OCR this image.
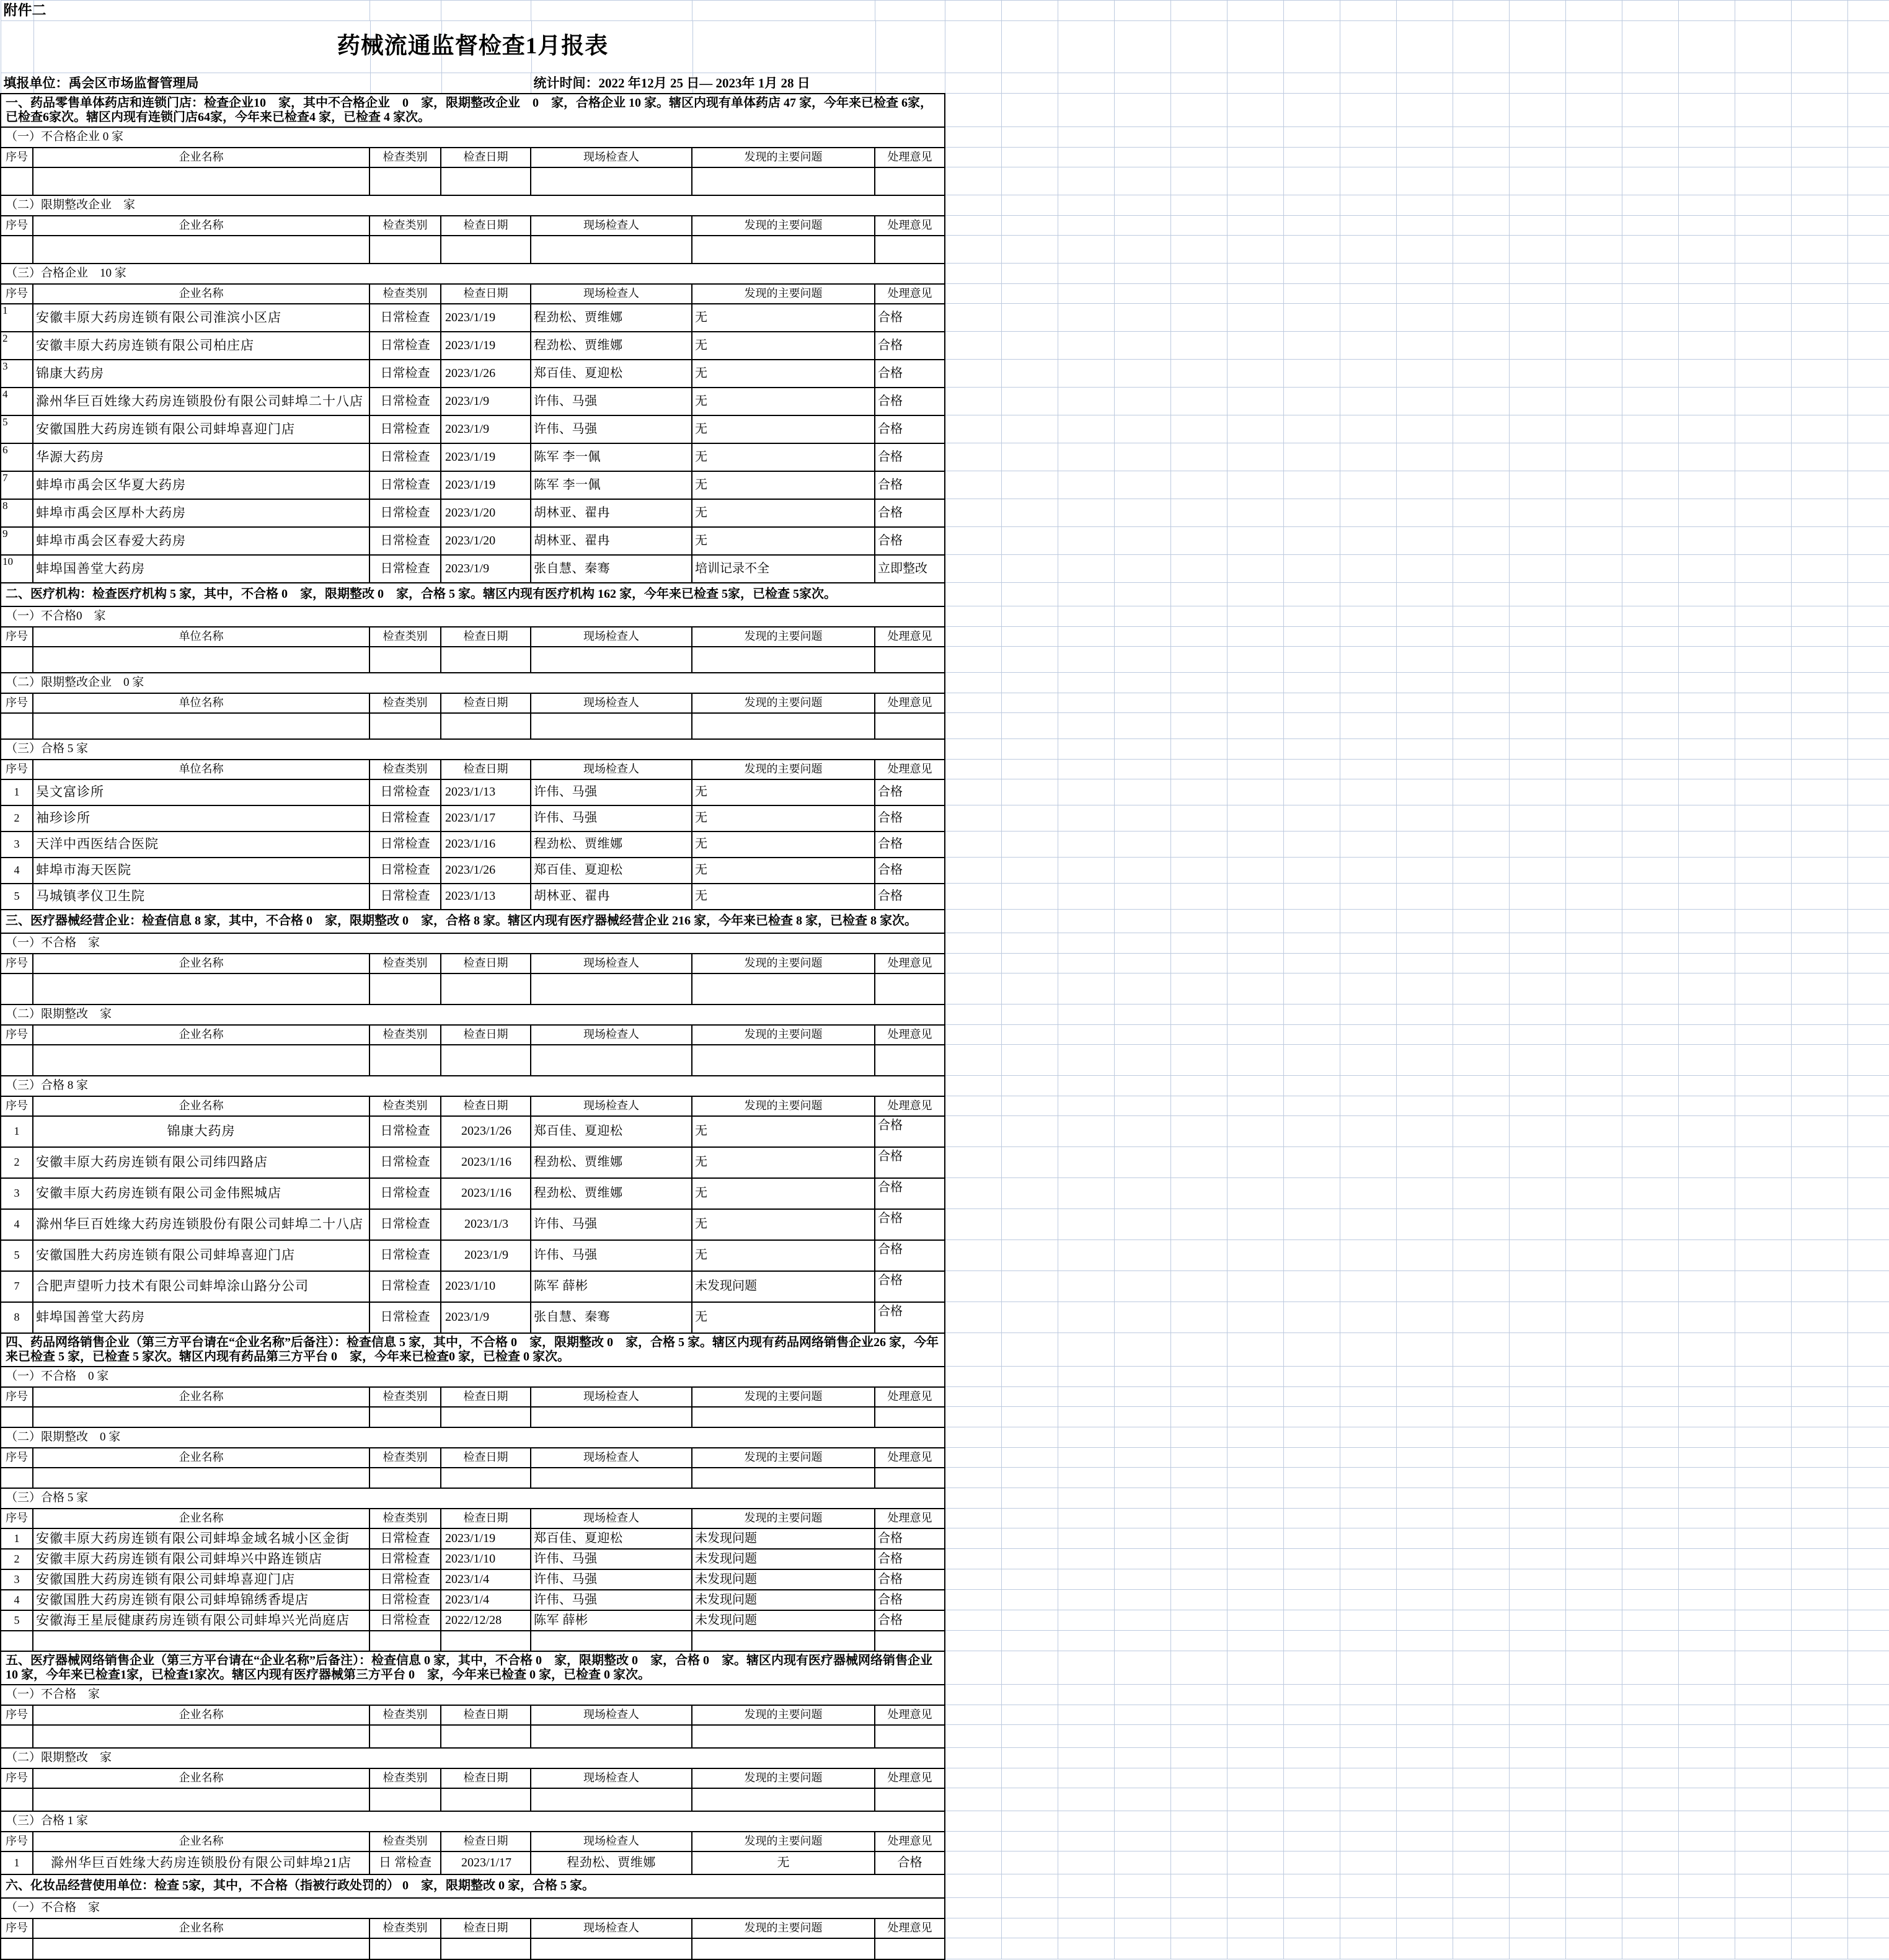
附件二																							
药械流通监督检查1月报表																							
填报单位：禹会区市场监督管理局				统计时间：2022 年12月 25 日— 2023年 1月 28 日																			
一、药品零售单体药店和连锁门店：检查企业10　家，其中不合格企业　0　家，限期整改企业　0　家，合格企业 10 家。辖区内现有单体药店 47 家，今年来已检查 6家，已检查6家次。辖区内现有连锁门店64家，今年来已检查4 家，已检查 4 家次。																							
（一）不合格企业 0 家																							
序号	企业名称	检查类别	检查日期	现场检查人	发现的主要问题	处理意见																	

（二）限期整改企业　家																							
序号	企业名称	检查类别	检查日期	现场检查人	发现的主要问题	处理意见																	

（三）合格企业　10 家																							
序号	企业名称	检查类别	检查日期	现场检查人	发现的主要问题	处理意见																	
1	安徽丰原大药房连锁有限公司淮滨小区店	日常检查	2023/1/19	程劲松、贾维娜	无	合格																	
2	安徽丰原大药房连锁有限公司柏庄店	日常检查	2023/1/19	程劲松、贾维娜	无	合格																	
3	锦康大药房	日常检查	2023/1/26	郑百佳、夏迎松	无	合格																	
4	滁州华巨百姓缘大药房连锁股份有限公司蚌埠二十八店	日常检查	2023/1/9	许伟、马强	无	合格																	
5	安徽国胜大药房连锁有限公司蚌埠喜迎门店	日常检查	2023/1/9	许伟、马强	无	合格																	
6	华源大药房	日常检查	2023/1/19	陈军 李一佩	无	合格																	
7	蚌埠市禹会区华夏大药房	日常检查	2023/1/19	陈军 李一佩	无	合格																	
8	蚌埠市禹会区厚朴大药房	日常检查	2023/1/20	胡林亚、翟冉	无	合格																	
9	蚌埠市禹会区春爱大药房	日常检查	2023/1/20	胡林亚、翟冉	无	合格																	
10	蚌埠国善堂大药房	日常检查	2023/1/9	张自慧、秦骞	培训记录不全	立即整改																	
二、医疗机构：检查医疗机构 5 家，其中，不合格 0　家，限期整改 0　家，合格 5 家。辖区内现有医疗机构 162 家，今年来已检查 5家，已检查 5家次。																							
（一）不合格0　家																							
序号	单位名称	检查类别	检查日期	现场检查人	发现的主要问题	处理意见																	

（二）限期整改企业　0 家																							
序号	单位名称	检查类别	检查日期	现场检查人	发现的主要问题	处理意见																	

（三）合格 5 家																							
序号	单位名称	检查类别	检查日期	现场检查人	发现的主要问题	处理意见																	
1	吴文富诊所	日常检查	2023/1/13	许伟、马强	无	合格																	
2	袖珍诊所	日常检查	2023/1/17	许伟、马强	无	合格																	
3	天洋中西医结合医院	日常检查	2023/1/16	程劲松、贾维娜	无	合格																	
4	蚌埠市海天医院	日常检查	2023/1/26	郑百佳、夏迎松	无	合格																	
5	马城镇孝仪卫生院	日常检查	2023/1/13	胡林亚、翟冉	无	合格																	
三、医疗器械经营企业：检查信息 8 家，其中，不合格 0　家，限期整改 0　家，合格 8 家。辖区内现有医疗器械经营企业 216 家，今年来已检查 8 家，已检查 8 家次。																							
（一）不合格　家																							
序号	企业名称	检查类别	检查日期	现场检查人	发现的主要问题	处理意见																	

（二）限期整改　家																							
序号	企业名称	检查类别	检查日期	现场检查人	发现的主要问题	处理意见																	

（三）合格 8 家																							
序号	企业名称	检查类别	检查日期	现场检查人	发现的主要问题	处理意见																	
1	锦康大药房	日常检查	2023/1/26	郑百佳、夏迎松	无	合格																	
2	安徽丰原大药房连锁有限公司纬四路店	日常检查	2023/1/16	程劲松、贾维娜	无	合格																	
3	安徽丰原大药房连锁有限公司金伟熙城店	日常检查	2023/1/16	程劲松、贾维娜	无	合格																	
4	滁州华巨百姓缘大药房连锁股份有限公司蚌埠二十八店	日常检查	2023/1/3	许伟、马强	无	合格																	
5	安徽国胜大药房连锁有限公司蚌埠喜迎门店	日常检查	2023/1/9	许伟、马强	无	合格																	
7	合肥声望听力技术有限公司蚌埠涂山路分公司	日常检查	2023/1/10	陈军 薛彬	未发现问题	合格																	
8	蚌埠国善堂大药房	日常检查	2023/1/9	张自慧、秦骞	无	合格																	
四、药品网络销售企业（第三方平台请在“企业名称”后备注）：检查信息 5 家，其中，不合格 0　家，限期整改 0　家，合格 5 家。辖区内现有药品网络销售企业26 家，今年来已检查 5 家，已检查 5 家次。辖区内现有药品第三方平台 0　家，今年来已检查0 家，已检查 0 家次。																							
（一）不合格　0 家																							
序号	企业名称	检查类别	检查日期	现场检查人	发现的主要问题	处理意见																	

（二）限期整改　0 家																							
序号	企业名称	检查类别	检查日期	现场检查人	发现的主要问题	处理意见																	

（三）合格 5 家																							
序号	企业名称	检查类别	检查日期	现场检查人	发现的主要问题	处理意见																	
1	安徽丰原大药房连锁有限公司蚌埠金域名城小区金街	日常检查	2023/1/19	郑百佳、夏迎松	未发现问题	合格																	
2	安徽丰原大药房连锁有限公司蚌埠兴中路连锁店	日常检查	2023/1/10	许伟、马强	未发现问题	合格																	
3	安徽国胜大药房连锁有限公司蚌埠喜迎门店	日常检查	2023/1/4	许伟、马强	未发现问题	合格																	
4	安徽国胜大药房连锁有限公司蚌埠锦绣香堤店	日常检查	2023/1/4	许伟、马强	未发现问题	合格																	
5	安徽海王星辰健康药房连锁有限公司蚌埠兴光尚庭店	日常检查	2022/12/28	陈军 薛彬	未发现问题	合格																	

五、医疗器械网络销售企业（第三方平台请在“企业名称”后备注）：检查信息 0 家，其中，不合格 0　家，限期整改 0　家，合格 0　家。辖区内现有医疗器械网络销售企业 10 家，今年来已检查1家，已检查1家次。辖区内现有医疗器械第三方平台 0　家，今年来已检查 0 家，已检查 0 家次。																							
（一）不合格　家																							
序号	企业名称	检查类别	检查日期	现场检查人	发现的主要问题	处理意见																	

（二）限期整改　家																							
序号	企业名称	检查类别	检查日期	现场检查人	发现的主要问题	处理意见																	

（三）合格 1 家																							
序号	企业名称	检查类别	检查日期	现场检查人	发现的主要问题	处理意见																	
1	滁州华巨百姓缘大药房连锁股份有限公司蚌埠21店	日 常检查	2023/1/17	程劲松、贾维娜	无	合格																	
六、化妆品经营使用单位：检查 5家，其中，不合格（指被行政处罚的） 0　家，限期整改 0 家，合格 5 家。																							
（一）不合格　家																							
序号	企业名称	检查类别	检查日期	现场检查人	发现的主要问题	处理意见																	
